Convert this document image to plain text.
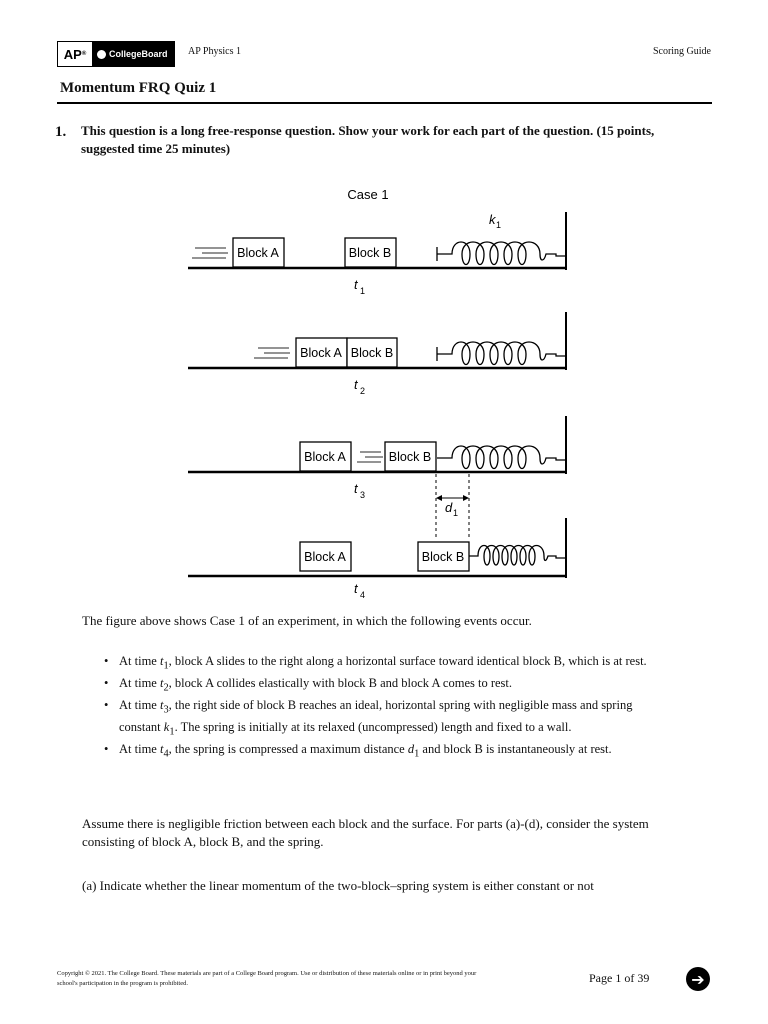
AP ®	CollegeBoard AP Physics 1	Scoring Guide
Momentum FRQ Quiz 1
1. This question is a long free-response question. Show your work for each part of the question. (15 points, suggested time 25 minutes)
Case 1
k 1
Block A	Block B
t 1
Block A Block B
t 2
Block A	Block B
t 3
d 1
Block A	Block B
t 4
The figure above shows Case 1 of an experiment, in which the following events occur.
• At time $t_1$, block A slides to the right along a horizontal surface toward identical block B, which is at rest.
• At time $t_2$, block A collides elastically with block B and block A comes to rest.
• At time $t_3$, the right side of block B reaches an ideal, horizontal spring with negligible mass and spring constant $k_1$. The spring is initially at its relaxed (uncompressed) length and fixed to a wall.
• At time $t_4$, the spring is compressed a maximum distance $d_1$ and block B is instantaneously at rest.
Assume there is negligible friction between each block and the surface. For parts (a)-(d), consider the system consisting of block A, block B, and the spring.
(a) Indicate whether the linear momentum of the two-block–spring system is either constant or not
Copyright © 2021. The College Board. These materials are part of a College Board program. Use or distribution of these materials online or in print beyond your school's participation in the program is prohibited.	Page 1 of 39	➔
